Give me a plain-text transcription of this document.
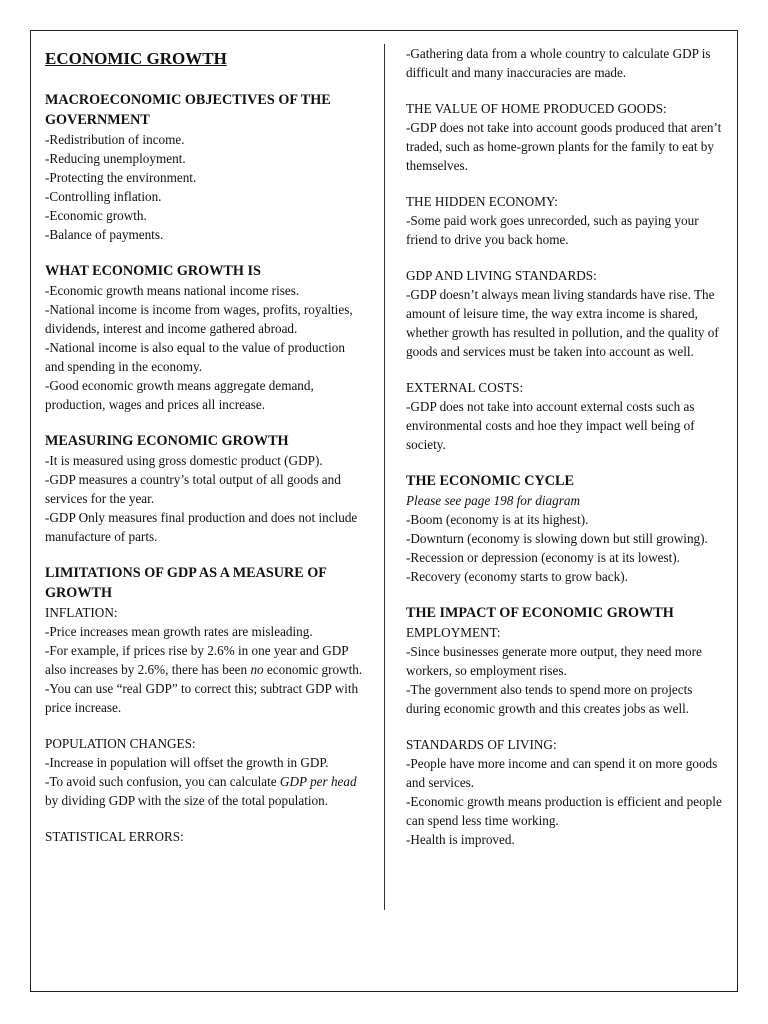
ECONOMIC GROWTH
MACROECONOMIC OBJECTIVES OF THE GOVERNMENT
-Redistribution of income.
-Reducing unemployment.
-Protecting the environment.
-Controlling inflation.
-Economic growth.
-Balance of payments.
WHAT ECONOMIC GROWTH IS
-Economic growth means national income rises.
-National income is income from wages, profits, royalties, dividends, interest and income gathered abroad.
-National income is also equal to the value of production and spending in the economy.
-Good economic growth means aggregate demand, production, wages and prices all increase.
MEASURING ECONOMIC GROWTH
-It is measured using gross domestic product (GDP).
-GDP measures a country’s total output of all goods and services for the year.
-GDP Only measures final production and does not include manufacture of parts.
LIMITATIONS OF GDP AS A MEASURE OF GROWTH
INFLATION:
-Price increases mean growth rates are misleading.
-For example, if prices rise by 2.6% in one year and GDP also increases by 2.6%, there has been no economic growth.
-You can use “real GDP” to correct this; subtract GDP with price increase.
POPULATION CHANGES:
-Increase in population will offset the growth in GDP.
-To avoid such confusion, you can calculate GDP per head by dividing GDP with the size of the total population.
STATISTICAL ERRORS:
-Gathering data from a whole country to calculate GDP is difficult and many inaccuracies are made.
THE VALUE OF HOME PRODUCED GOODS:
-GDP does not take into account goods produced that aren’t traded, such as home-grown plants for the family to eat by themselves.
THE HIDDEN ECONOMY:
-Some paid work goes unrecorded, such as paying your friend to drive you back home.
GDP AND LIVING STANDARDS:
-GDP doesn’t always mean living standards have rise. The amount of leisure time, the way extra income is shared, whether growth has resulted in pollution, and the quality of goods and services must be taken into account as well.
EXTERNAL COSTS:
-GDP does not take into account external costs such as environmental costs and hoe they impact well being of society.
THE ECONOMIC CYCLE
Please see page 198 for diagram
-Boom (economy is at its highest).
-Downturn (economy is slowing down but still growing).
-Recession or depression (economy is at its lowest).
-Recovery (economy starts to grow back).
THE IMPACT OF ECONOMIC GROWTH
EMPLOYMENT:
-Since businesses generate more output, they need more workers, so employment rises.
-The government also tends to spend more on projects during economic growth and this creates jobs as well.
STANDARDS OF LIVING:
-People have more income and can spend it on more goods and services.
-Economic growth means production is efficient and people can spend less time working.
-Health is improved.
